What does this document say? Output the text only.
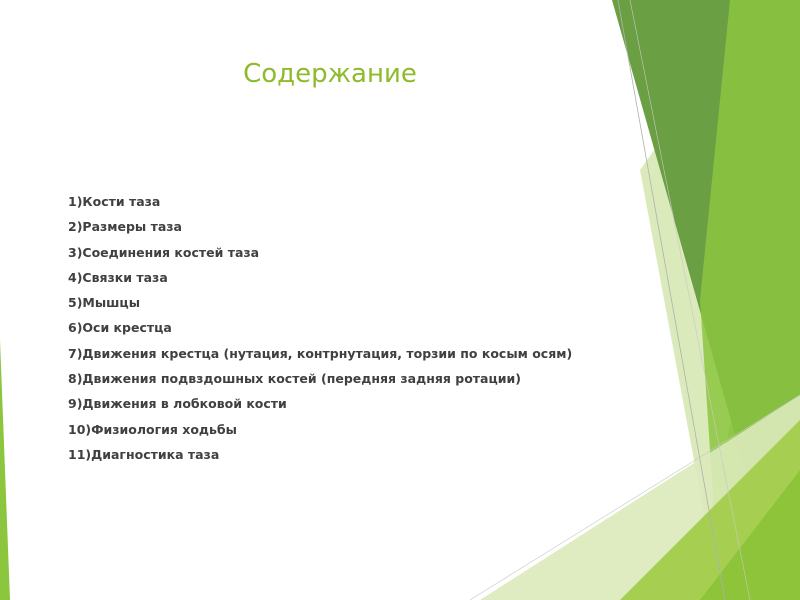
Содержание
1)Кости таза
2)Размеры таза
3)Соединения костей таза
4)Связки таза
5)Мышцы
6)Оси крестца
7)Движения крестца (нутация, контрнутация, торзии по косым осям)
8)Движения подвздошных костей (передняя задняя ротации)
9)Движения в лобковой кости
10)Физиология ходьбы
11)Диагностика таза
